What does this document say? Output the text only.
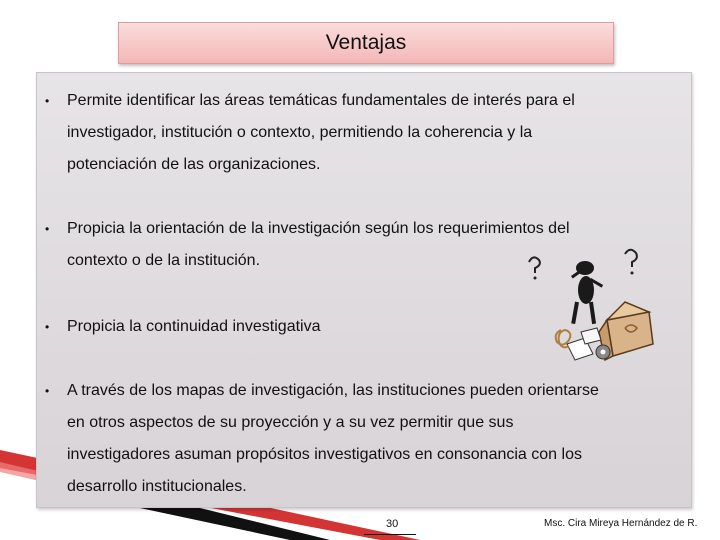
Ventajas
• Permite identificar las áreas temáticas fundamentales de interés para el
investigador, institución o contexto, permitiendo la coherencia y la
potenciación de las organizaciones.
• Propicia la orientación de la investigación según los requerimientos del
contexto o de la institución.
• Propicia la continuidad investigativa
• A través de los mapas de investigación, las instituciones pueden orientarse
en otros aspectos de su proyección y a su vez permitir que sus
investigadores asuman propósitos investigativos en consonancia con los
desarrollo institucionales.
30	Msc. Cira Mireya Hernández de R.
